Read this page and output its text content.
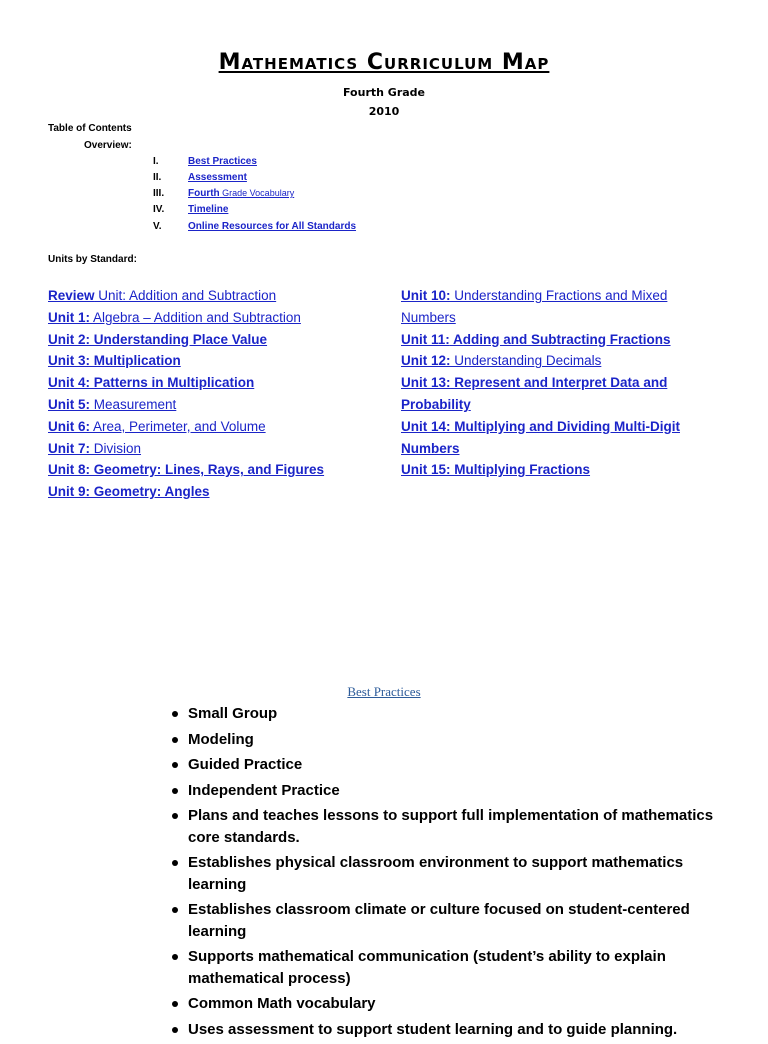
Mathematics Curriculum Map
Fourth Grade
2010
Table of Contents
Overview:
I.	Best Practices
II.	Assessment
III. Fourth Grade Vocabulary
IV. Timeline
V.	Online Resources for All Standards
Units by Standard:
Review Unit: Addition and Subtraction
Unit 1: Algebra – Addition and Subtraction
Unit 2: Understanding Place Value
Unit 3: Multiplication
Unit 4: Patterns in Multiplication
Unit 5: Measurement
Unit 6: Area, Perimeter, and Volume
Unit 7: Division
Unit 8: Geometry: Lines, Rays, and Figures
Unit 9: Geometry: Angles
Unit 10: Understanding Fractions and Mixed Numbers
Unit 11: Adding and Subtracting Fractions
Unit 12: Understanding Decimals
Unit 13: Represent and Interpret Data and Probability
Unit 14: Multiplying and Dividing Multi-Digit Numbers
Unit 15: Multiplying Fractions
Best Practices
Small Group
Modeling
Guided Practice
Independent Practice
Plans and teaches lessons to support full implementation of mathematics core standards.
Establishes physical classroom environment to support mathematics learning
Establishes classroom climate or culture focused on student-centered learning
Supports mathematical communication (student’s ability to explain mathematical process)
Common Math vocabulary
Uses assessment to support student learning and to guide planning.
